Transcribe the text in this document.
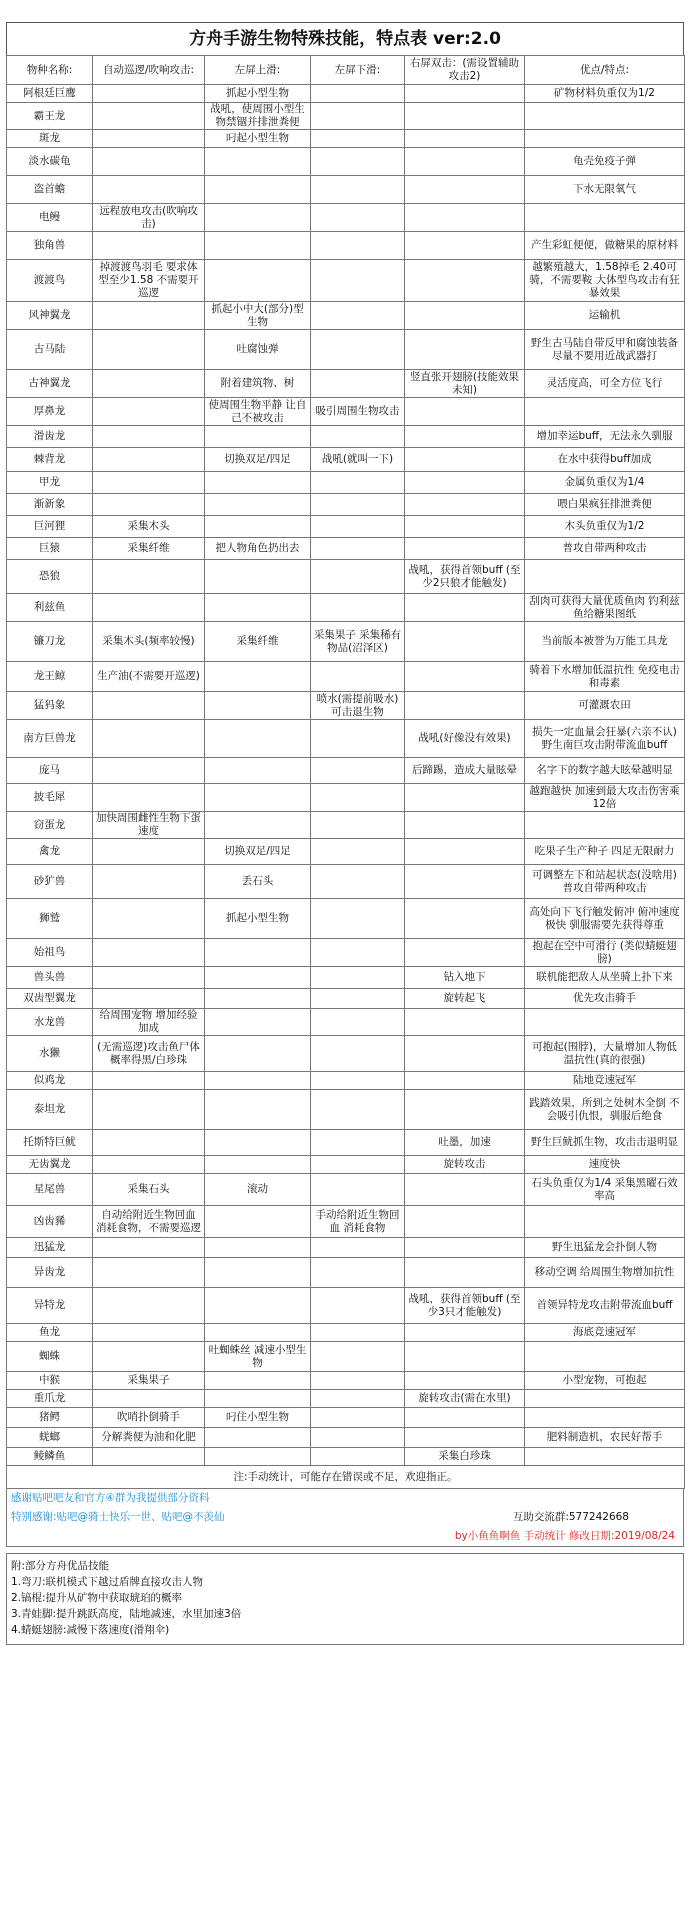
方舟手游生物特殊技能，特点表 ver:2.0
物种名称:	自动巡逻/吹响攻击:	左屏上滑:	左屏下滑:	右屏双击：(需设置辅助攻击2)	优点/特点:
阿根廷巨鹰		抓起小型生物			矿物材料负重仅为1/2
霸王龙		战吼，使周围小型生物禁锢并排泄粪便			
斑龙		叼起小型生物			
淡水碳龟					龟壳免疫子弹
盗首蟾					下水无限氧气
电鳗	远程放电攻击(吹响攻击)				
独角兽					产生彩虹便便，做糖果的原材料
渡渡鸟	掉渡渡鸟羽毛 要求体型至少1.58 不需要开巡逻				越繁殖越大，1.58掉毛 2.40可骑，不需要鞍 大体型鸟攻击有狂暴效果
风神翼龙		抓起小中大(部分)型生物			运输机
古马陆		吐腐蚀弹			野生古马陆自带反甲和腐蚀装备 尽量不要用近战武器打
古神翼龙		附着建筑物、树		竖直张开翅膀(技能效果未知)	灵活度高，可全方位飞行
厚鼻龙		使周围生物平静 让自己不被攻击	吸引周围生物攻击		
滑齿龙					增加幸运buff，无法永久驯服
棘背龙		切换双足/四足	战吼(就叫一下)		在水中获得buff加成
甲龙					金属负重仅为1/4
渐新象					喂白果疯狂排泄粪便
巨河狸	采集木头				木头负重仅为1/2
巨猿	采集纤维	把人物角色扔出去			普攻自带两种攻击
恐狼				战吼，获得首领buff (至少2只狼才能触发)	
利兹鱼					刮肉可获得大量优质鱼肉 钓利兹鱼给糖果图纸
镰刀龙	采集木头(频率较慢)	采集纤维	采集果子 采集稀有物品(沼泽区)		当前版本被誉为万能工具龙
龙王鲸	生产油(不需要开巡逻)				骑着下水增加低温抗性 免疫电击和毒素
猛犸象			喷水(需提前吸水) 可击退生物		可灌溉农田
南方巨兽龙				战吼(好像没有效果)	损失一定血量会狂暴(六亲不认) 野生南巨攻击附带流血buff
庞马				后蹄踢，造成大量眩晕	名字下的数字越大眩晕越明显
披毛犀					越跑越快 加速到最大攻击伤害乘12倍
窃蛋龙	加快周围雌性生物下蛋速度				
禽龙		切换双足/四足			吃果子生产种子 四足无限耐力
砂犷兽		丢石头			可调整左下和站起状态(没啥用) 普攻自带两种攻击
狮鹫		抓起小型生物			高处向下飞行触发俯冲 俯冲速度极快 驯服需要先获得尊重
始祖鸟					抱起在空中可滑行 (类似蜻蜓翅膀)
兽头兽				钻入地下	联机能把敌人从坐骑上扑下来
双齿型翼龙				旋转起飞	优先攻击骑手
水龙兽	给周围宠物 增加经验加成				
水獭	(无需巡逻)攻击鱼尸体 概率得黑/白珍珠				可抱起(围脖)，大量增加人物低温抗性(真的很强)
似鸡龙					陆地竞速冠军
泰坦龙					践踏效果，所到之处树木全倒 不会吸引仇恨，驯服后绝食
托斯特巨鱿				吐墨，加速	野生巨鱿抓生物，攻击击退明显
无齿翼龙				旋转攻击	速度快
星尾兽	采集石头	滚动			石头负重仅为1/4 采集黑曜石效率高
凶齿豨	自动给附近生物回血 消耗食物，不需要巡逻		手动给附近生物回血 消耗食物		
迅猛龙					野生迅猛龙会扑倒人物
异齿龙					移动空调 给周围生物增加抗性
异特龙				战吼，获得首领buff (至少3只才能触发)	首领异特龙攻击附带流血buff
鱼龙					海底竞速冠军
蜘蛛		吐蜘蛛丝 减速小型生物			
中猴	采集果子				小型宠物，可抱起
重爪龙				旋转攻击(需在水里)	
猪鳄	吹哨扑倒骑手	叼住小型生物			
蜣螂	分解粪便为油和化肥				肥料制造机，农民好帮手
鲮鳞鱼				采集白珍珠	
注:手动统计，可能存在错误或不足，欢迎指正。					
感谢贴吧吧友和官方④群为我提供部分资料
特别感谢:贴吧@骑士快乐一世、贴吧@不羡仙	互助交流群:577242668
by小鱼鱼啊鱼 手动统计 修改日期:2019/08/24
附:部分方舟优品技能
1.弯刀:联机模式下越过盾牌直接攻击人物
2.镐棍:提升从矿物中获取琥珀的概率
3.青蛙脚:提升跳跃高度，陆地减速，水里加速3倍
4.蜻蜓翅膀:减慢下落速度(滑翔伞)
